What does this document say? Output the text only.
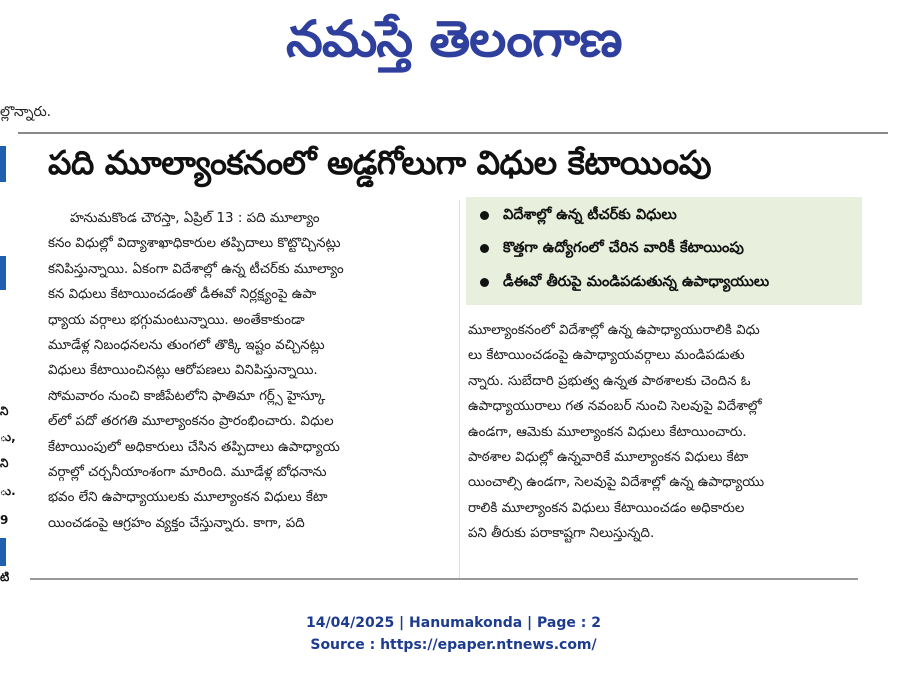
నమస్తే తెలంగాణ
ల్లొన్నారు.
ని
ు,
ని
ు.
9
టి
పది మూల్యాంకనంలో అడ్డగోలుగా విధుల కేటాయింపు
హనుమకొండ చౌరస్తా, ఏప్రిల్ 13 : పది మూల్యాం
కనం విధుల్లో విద్యాశాఖాధికారుల తప్పిదాలు కొట్టొచ్చినట్లు
కనిపిస్తున్నాయి. ఏకంగా విదేశాల్లో ఉన్న టీచర్‌కు మూల్యాం
కన విధులు కేటాయించడంతో డీఈవో నిర్లక్ష్యంపై ఉపా
ధ్యాయ వర్గాలు భగ్గుమంటున్నాయి. అంతేకాకుండా
మూడేళ్ల నిబంధనలను తుంగలో తొక్కి ఇష్టం వచ్చినట్లు
విధులు కేటాయించినట్లు ఆరోపణలు వినిపిస్తున్నాయి.
సోమవారం నుంచి కాజీపేటలోని ఫాతిమా గర్ల్స్ హైస్కూ
ల్‌లో పదో తరగతి మూల్యాంకనం ప్రారంభించారు. విధుల
కేటాయింపులో అధికారులు చేసిన తప్పిదాలు ఉపాధ్యాయ
వర్గాల్లో చర్చనీయాంశంగా మారింది. మూడేళ్ల బోధనాను
భవం లేని ఉపాధ్యాయులకు మూల్యాంకన విధులు కేటా
యించడంపై ఆగ్రహం వ్యక్తం చేస్తున్నారు. కాగా, పది
విదేశాల్లో ఉన్న టీచర్‌కు విధులు
కొత్తగా ఉద్యోగంలో చేరిన వారికీ కేటాయింపు
డీఈవో తీరుపై మండిపడుతున్న ఉపాధ్యాయులు
మూల్యాంకనంలో విదేశాల్లో ఉన్న ఉపాధ్యాయురాలికి విధు
లు కేటాయించడంపై ఉపాధ్యాయవర్గాలు మండిపడుతు
న్నారు. సుబేదారి ప్రభుత్వ ఉన్నత పాఠశాలకు చెందిన ఓ
ఉపాధ్యాయురాలు గత నవంబర్ నుంచి సెలవుపై విదేశాల్లో
ఉండగా, ఆమెకు మూల్యాంకన విధులు కేటాయించారు.
పాఠశాల విధుల్లో ఉన్నవారికే మూల్యాంకన విధులు కేటా
యించాల్సి ఉండగా, సెలవుపై విదేశాల్లో ఉన్న ఉపాధ్యాయు
రాలికి మూల్యాంకన విధులు కేటాయించడం అధికారుల
పని తీరుకు పరాకాష్టగా నిలుస్తున్నది.
14/04/2025 | Hanumakonda | Page : 2
Source : https://epaper.ntnews.com/
